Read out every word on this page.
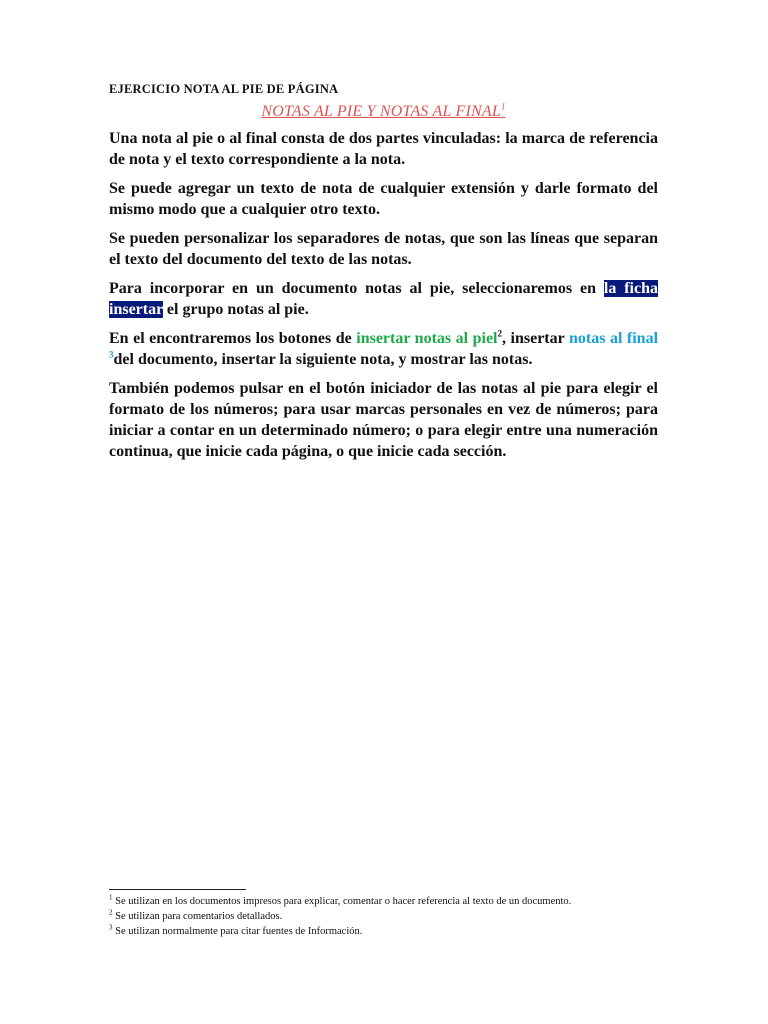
EJERCICIO NOTA AL PIE DE PÁGINA
NOTAS AL PIE Y NOTAS AL FINAL$^1$

Una nota al pie o al final consta de dos partes vinculadas: la marca de referencia de nota y el texto correspondiente a la nota.

Se puede agregar un texto de nota de cualquier extensión y darle formato del mismo modo que a cualquier otro texto.

Se pueden personalizar los separadores de notas, que son las líneas que separan el texto del documento del texto de las notas.

Para incorporar en un documento notas al pie, seleccionaremos en la ficha insertar el grupo notas al pie.

En el encontraremos los botones de insertar notas al piel$^2$, insertar notas al final $^3$del documento, insertar la siguiente nota, y mostrar las notas.

También podemos pulsar en el botón iniciador de las notas al pie para elegir el formato de los números; para usar marcas personales en vez de números; para iniciar a contar en un determinado número; o para elegir entre una numeración continua, que inicie cada página, o que inicie cada sección.

$^1$ Se utilizan en los documentos impresos para explicar, comentar o hacer referencia al texto de un documento.
$^2$ Se utilizan para comentarios detallados.
$^3$ Se utilizan normalmente para citar fuentes de Información.
